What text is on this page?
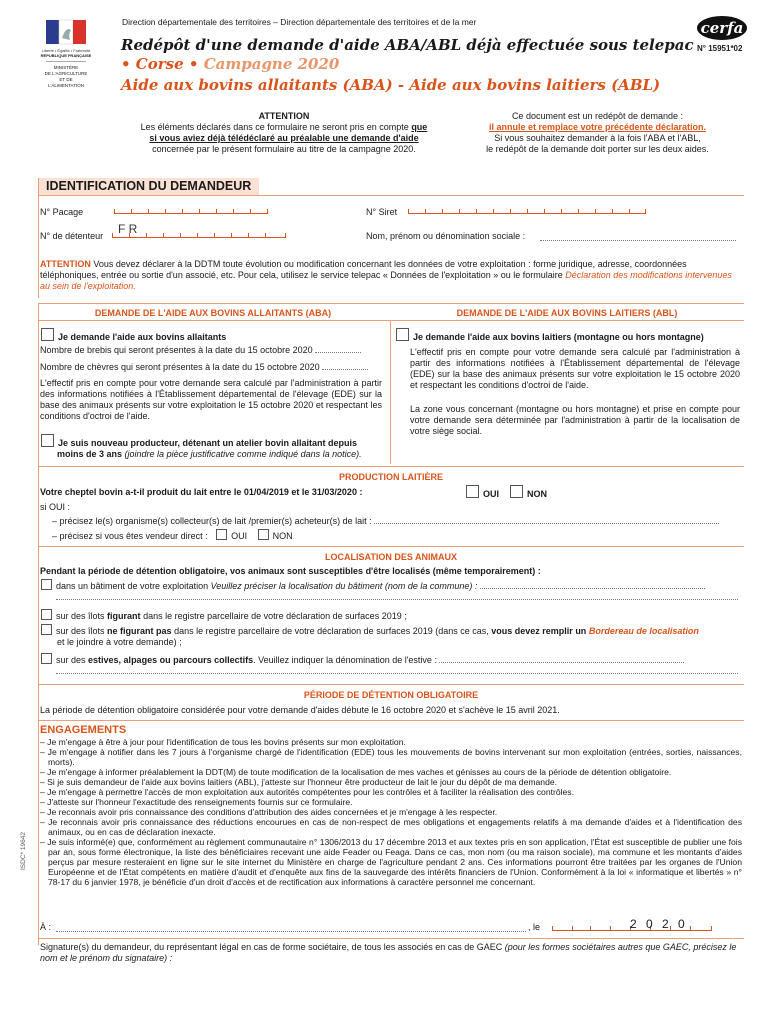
Liberté • Égalité • Fraternité
RÉPUBLIQUE FRANÇAISE
MINISTÈRE
DE L'AGRICULTURE
ET DE
L'ALIMENTATION
Direction départementale des territoires – Direction départementale des territoires et de la mer
Redépôt d'une demande d'aide ABA/ABL déjà effectuée sous telepac
• Corse • Campagne 2020
Aide aux bovins allaitants (ABA) - Aide aux bovins laitiers (ABL)
cerfa
N° 15951*02
ATTENTION
Les éléments déclarés dans ce formulaire ne seront pris en compte que
si vous aviez déjà télédéclaré au préalable une demande d'aide
concernée par le présent formulaire au titre de la campagne 2020.
Ce document est un redépôt de demande :
il annule et remplace votre précédente déclaration.
Si vous souhaitez demander à la fois l'ABA et l'ABL,
le redépôt de la demande doit porter sur les deux aides.
IDENTIFICATION DU DEMANDEUR
N° Pacage	N° Siret
N° de détenteur F R	Nom, prénom ou dénomination sociale :
ATTENTION Vous devez déclarer à la DDTM toute évolution ou modification concernant les données de votre exploitation : forme juridique, adresse, coordonnées téléphoniques, entrée ou sortie d'un associé, etc. Pour cela, utilisez le service telepac « Données de l'exploitation » ou le formulaire Déclaration des modifications intervenues au sein de l'exploitation.
DEMANDE DE L'AIDE AUX BOVINS ALLAITANTS (ABA)	DEMANDE DE L'AIDE AUX BOVINS LAITIERS (ABL)
Je demande l'aide aux bovins allaitants
Nombre de brebis qui seront présentes à la date du 15 octobre 2020
Nombre de chèvres qui seront présentes à la date du 15 octobre 2020
L'effectif pris en compte pour votre demande sera calculé par l'administration à partir des informations notifiées à l'Établissement départemental de l'élevage (EDE) sur la base des animaux présents sur votre exploitation le 15 octobre 2020 et respectant les conditions d'octroi de l'aide.
Je suis nouveau producteur, détenant un atelier bovin allaitant depuis
moins de 3 ans (joindre la pièce justificative comme indiqué dans la notice).
Je demande l'aide aux bovins laitiers (montagne ou hors montagne)
L'effectif pris en compte pour votre demande sera calculé par l'administration à partir des informations notifiées à l'Établissement départemental de l'élevage (EDE) sur la base des animaux présents sur votre exploitation le 15 octobre 2020 et respectant les conditions d'octroi de l'aide.
La zone vous concernant (montagne ou hors montagne) et prise en compte pour votre demande sera déterminée par l'administration à partir de la localisation de votre siège social.
PRODUCTION LAITIÈRE
Votre cheptel bovin a-t-il produit du lait entre le 01/04/2019 et le 31/03/2020 :	OUI	NON
si OUI :
– précisez le(s) organisme(s) collecteur(s) de lait /premier(s) acheteur(s) de lait :
– précisez si vous êtes vendeur direct :	OUI	NON
LOCALISATION DES ANIMAUX
Pendant la période de détention obligatoire, vos animaux sont susceptibles d'être localisés (même temporairement) :
dans un bâtiment de votre exploitation Veuillez préciser la localisation du bâtiment (nom de la commune) :
sur des îlots figurant dans le registre parcellaire de votre déclaration de surfaces 2019 ;
sur des îlots ne figurant pas dans le registre parcellaire de votre déclaration de surfaces 2019 (dans ce cas, vous devez remplir un Bordereau de localisation
et le joindre à votre demande) ;
sur des estives, alpages ou parcours collectifs. Veuillez indiquer la dénomination de l'estive :
PÉRIODE DE DÉTENTION OBLIGATOIRE
La période de détention obligatoire considérée pour votre demande d'aides débute le 16 octobre 2020 et s'achève le 15 avril 2021.
ENGAGEMENTS
– Je m'engage à être à jour pour l'identification de tous les bovins présents sur mon exploitation.
– Je m'engage à notifier dans les 7 jours à l'organisme chargé de l'identification (EDE) tous les mouvements de bovins intervenant sur mon exploitation (entrées, sorties, naissances, morts).
– Je m'engage à informer préalablement la DDT(M) de toute modification de la localisation de mes vaches et génisses au cours de la période de détention obligatoire.
– Si je suis demandeur de l'aide aux bovins laitiers (ABL), j'atteste sur l'honneur être producteur de lait le jour du dépôt de ma demande.
– Je m'engage à permettre l'accès de mon exploitation aux autorités compétentes pour les contrôles et à faciliter la réalisation des contrôles.
– J'atteste sur l'honneur l'exactitude des renseignements fournis sur ce formulaire.
– Je reconnais avoir pris connaissance des conditions d'attribution des aides concernées et je m'engage à les respecter.
– Je reconnais avoir pris connaissance des réductions encourues en cas de non-respect de mes obligations et engagements relatifs à ma demande d'aides et à l'identification des animaux, ou en cas de déclaration inexacte.
– Je suis informé(e) que, conformément au règlement communautaire n° 1306/2013 du 17 décembre 2013 et aux textes pris en son application, l'État est susceptible de publier une fois par an, sous forme électronique, la liste des bénéficiaires recevant une aide Feader ou Feaga. Dans ce cas, mon nom (ou ma raison sociale), ma commune et les montants d'aides perçus par mesure resteraient en ligne sur le site internet du Ministère en charge de l'agriculture pendant 2 ans. Ces informations pourront être traitées par les organes de l'Union Européenne et de l'État compétents en matière d'audit et d'enquête aux fins de la sauvegarde des intérêts financiers de l'Union. Conformément à la loi « informatique et libertés » n° 78-17 du 6 janvier 1978, je bénéficie d'un droit d'accès et de rectification aux informations à caractère personnel me concernant.
À :	, le	2 0 2 0
Signature(s) du demandeur, du représentant légal en cas de forme sociétaire, de tous les associés en cas de GAEC (pour les formes sociétaires autres que GAEC, précisez le nom et le prénom du signataire) :
ISDC* 19642
